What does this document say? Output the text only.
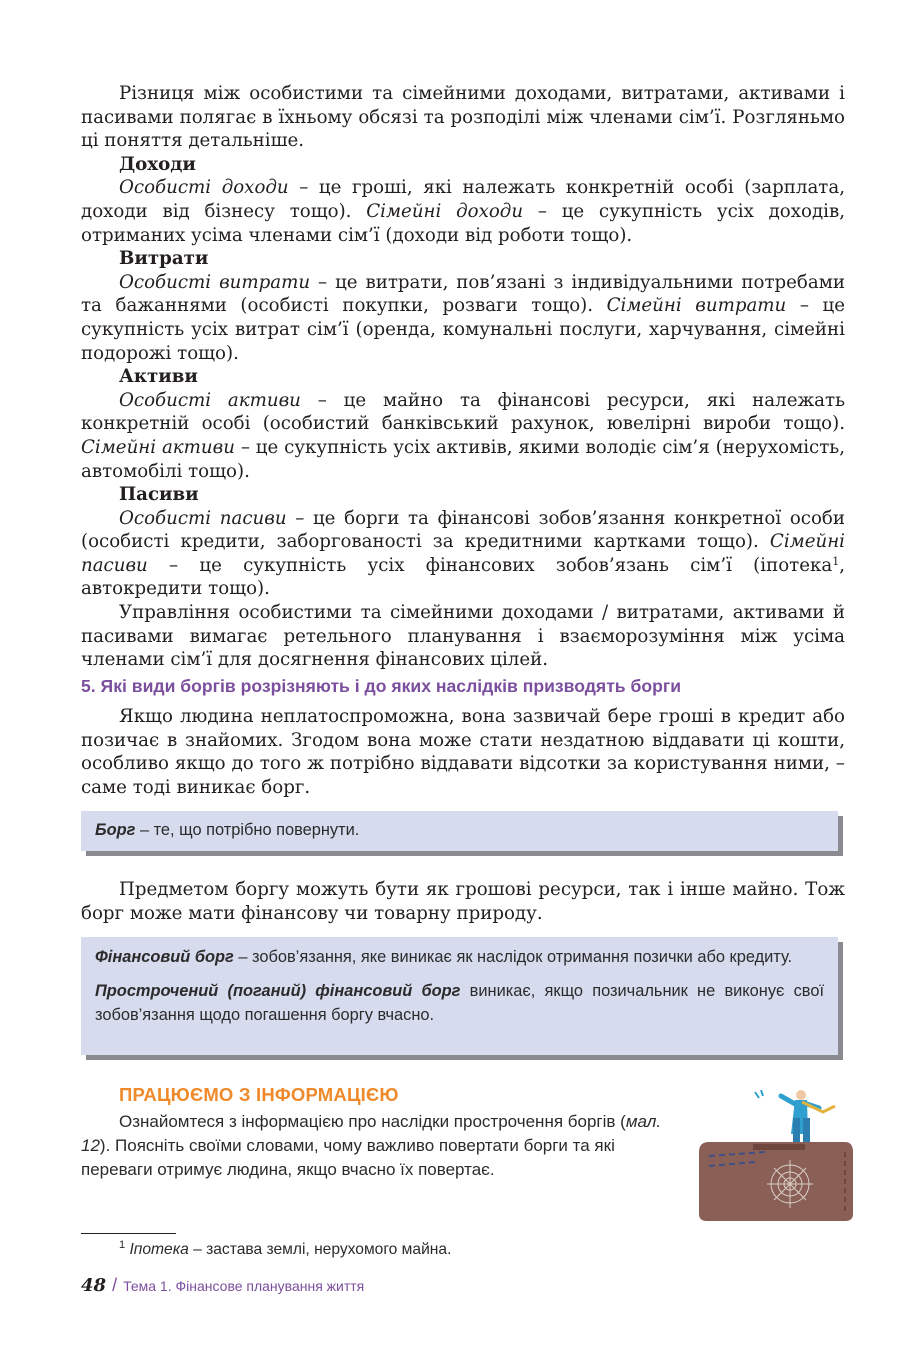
Різниця між особистими та сімейними доходами, витратами, активами і пасивами полягає в їхньому обсязі та розподілі між членами сім’ї. Розгляньмо ці поняття детальніше.

Доходи

Особисті доходи – це гроші, які належать конкретній особі (зарплата, доходи від бізнесу тощо). Сімейні доходи – це сукупність усіх доходів, отриманих усіма членами сім’ї (доходи від роботи тощо).

Витрати

Особисті витрати – це витрати, пов’язані з індивідуальними потребами та бажаннями (особисті покупки, розваги тощо). Сімейні витрати – це сукупність усіх витрат сім’ї (оренда, комунальні послуги, харчування, сімейні подорожі тощо).

Активи

Особисті активи – це майно та фінансові ресурси, які належать конкретній особі (особистий банківський рахунок, ювелірні вироби тощо). Сімейні активи – це сукупність усіх активів, якими володіє сім’я (нерухомість, автомобілі тощо).

Пасиви

Особисті пасиви – це борги та фінансові зобов’язання конкретної особи (особисті кредити, заборгованості за кредитними картками тощо). Сімейні пасиви – це сукупність усіх фінансових зобов’язань сім’ї (іпотека$^1$, автокредити тощо).

Управління особистими та сімейними доходами / витратами, активами й пасивами вимагає ретельного планування і взаєморозуміння між усіма членами сім’ї для досягнення фінансових цілей.

5. Які види боргів розрізняють і до яких наслідків призводять борги

Якщо людина неплатоспроможна, вона зазвичай бере гроші в кредит або позичає в знайомих. Згодом вона може стати нездатною віддавати ці кошти, особливо якщо до того ж потрібно віддавати відсотки за користування ними, – саме тоді виникає борг.

Борг – те, що потрібно повернути.

Предметом боргу можуть бути як грошові ресурси, так і інше майно. Тож борг може мати фінансову чи товарну природу.

Фінансовий борг – зобов’язання, яке виникає як наслідок отримання позички або кредиту.

Прострочений (поганий) фінансовий борг виникає, якщо позичальник не виконує свої зобов’язання щодо погашення боргу вчасно.

ПРАЦЮЄМО З ІНФОРМАЦІЄЮ

Ознайомтеся з інформацією про наслідки прострочення боргів (мал. 12). Поясніть своїми словами, чому важливо повертати борги та які переваги отримує людина, якщо вчасно їх повертає.

$^1$ Іпотека – застава землі, нерухомого майна.
48 / Тема 1. Фінансове планування життя
